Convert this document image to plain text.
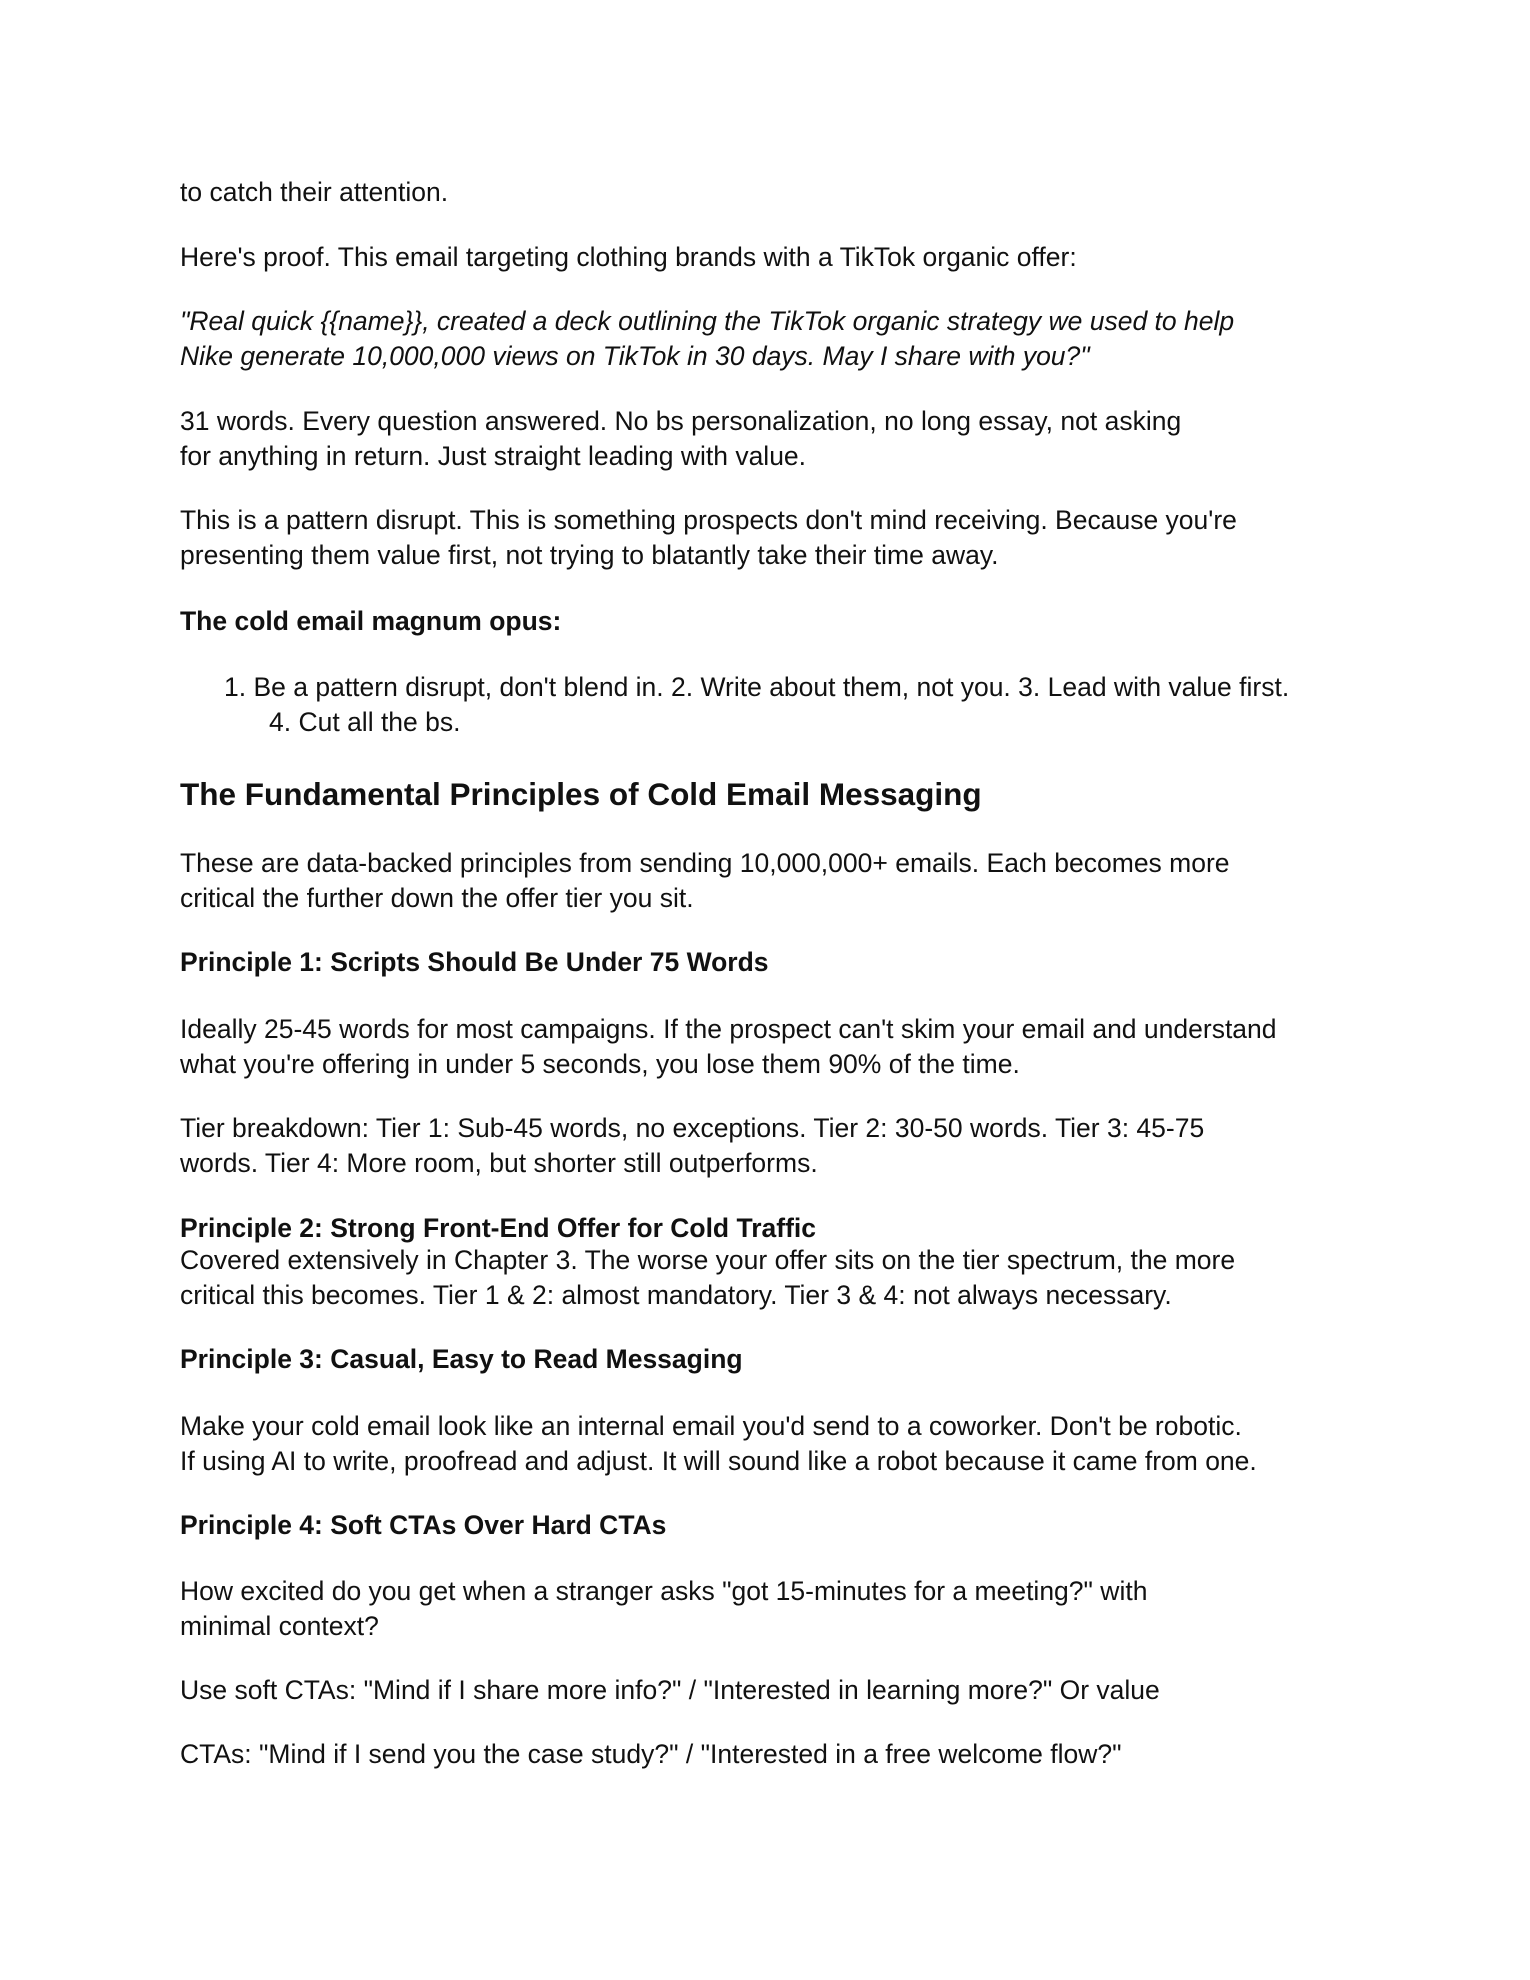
to catch their attention.

Here's proof. This email targeting clothing brands with a TikTok organic offer:

"Real quick {{name}}, created a deck outlining the TikTok organic strategy we used to help
Nike generate 10,000,000 views on TikTok in 30 days. May I share with you?"
31 words. Every question answered. No bs personalization, no long essay, not asking
for anything in return. Just straight leading with value.
This is a pattern disrupt. This is something prospects don't mind receiving. Because you're
presenting them value first, not trying to blatantly take their time away.

The cold email magnum opus:

1. Be a pattern disrupt, don't blend in. 2. Write about them, not you. 3. Lead with value first.
4. Cut all the bs.
The Fundamental Principles of Cold Email Messaging
These are data-backed principles from sending 10,000,000+ emails. Each becomes more
critical the further down the offer tier you sit.
Principle 1: Scripts Should Be Under 75 Words
Ideally 25-45 words for most campaigns. If the prospect can't skim your email and understand
what you're offering in under 5 seconds, you lose them 90% of the time.
Tier breakdown: Tier 1: Sub-45 words, no exceptions. Tier 2: 30-50 words. Tier 3: 45-75
words. Tier 4: More room, but shorter still outperforms.
Principle 2: Strong Front-End Offer for Cold Traffic
Covered extensively in Chapter 3. The worse your offer sits on the tier spectrum, the more
critical this becomes. Tier 1 & 2: almost mandatory. Tier 3 & 4: not always necessary.
Principle 3: Casual, Easy to Read Messaging
Make your cold email look like an internal email you'd send to a coworker. Don't be robotic.
If using AI to write, proofread and adjust. It will sound like a robot because it came from one.
Principle 4: Soft CTAs Over Hard CTAs
How excited do you get when a stranger asks "got 15-minutes for a meeting?" with
minimal context?

Use soft CTAs: "Mind if I share more info?" / "Interested in learning more?" Or value

CTAs: "Mind if I send you the case study?" / "Interested in a free welcome flow?"
